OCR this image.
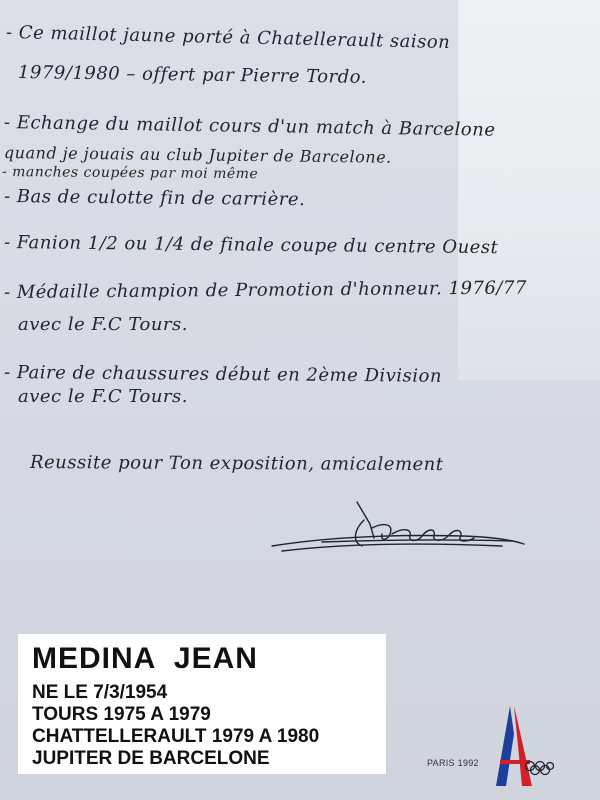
- Ce maillot jaune porté à Chatellerault saison
1979/1980 – offert par Pierre Tordo.
- Echange du maillot cours d'un match à Barcelone
quand je jouais au club Jupiter de Barcelone.
- manches coupées par moi même
- Bas de culotte fin de carrière.
- Fanion 1/2 ou 1/4 de finale coupe du centre Ouest
- Médaille champion de Promotion d'honneur. 1976/77
avec le F.C Tours.
- Paire de chaussures début en 2ème Division
avec le F.C Tours.
Reussite pour Ton exposition, amicalement
MEDINA  JEAN
NE LE 7/3/1954
TOURS 1975 A 1979
CHATTELLERAULT 1979 A 1980
JUPITER DE BARCELONE	PARIS 1992
